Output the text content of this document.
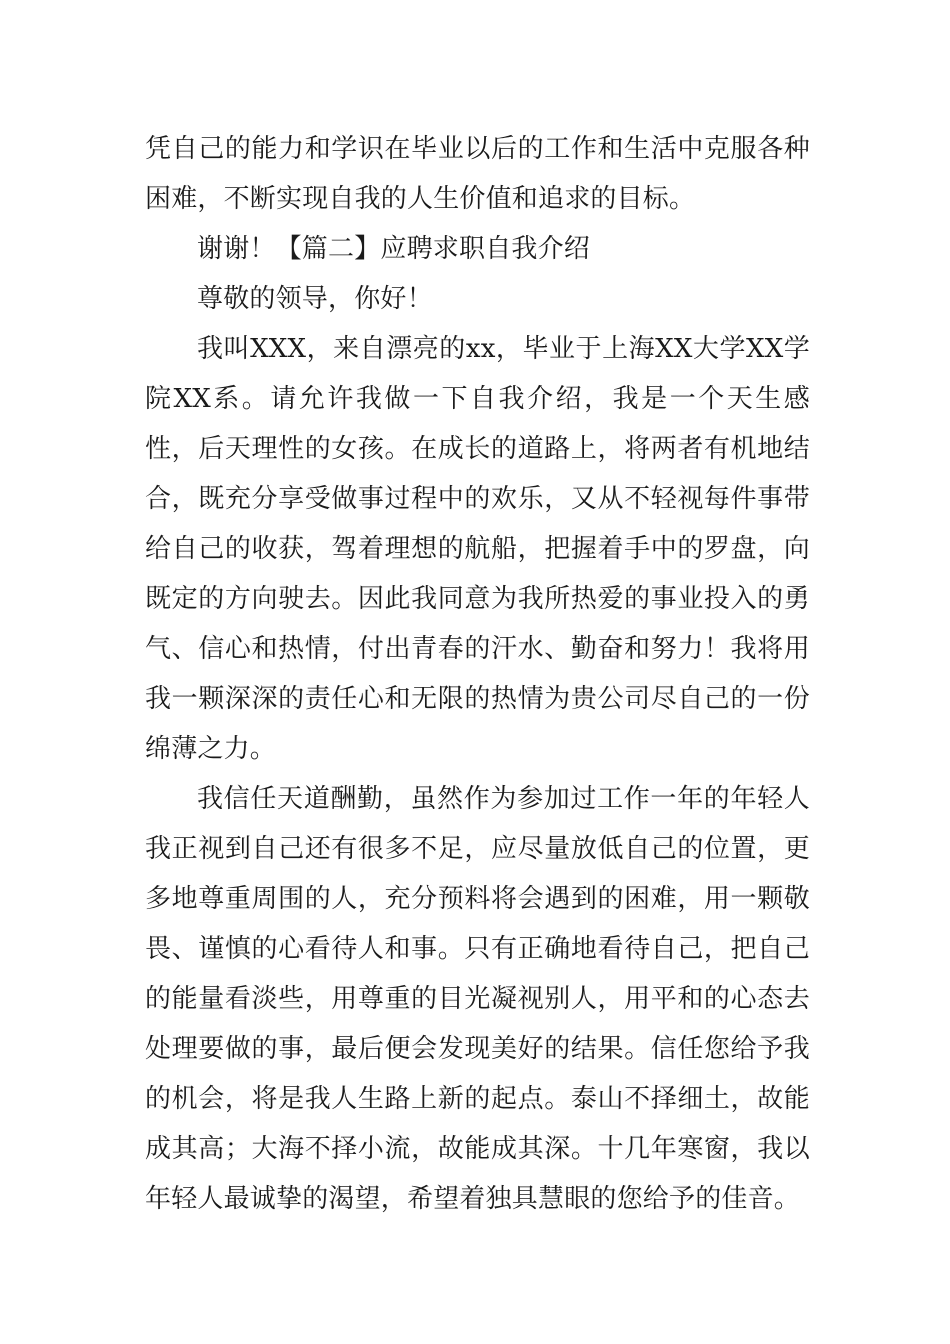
凭自己的能力和学识在毕业以后的工作和生活中克服各种困难，不断实现自我的人生价值和追求的目标。

谢谢！【篇二】应聘求职自我介绍

尊敬的领导，你好！

我叫XXX，来自漂亮的xx，毕业于上海XX大学XX学院XX系。请允许我做一下自我介绍，我是一个天生感性，后天理性的女孩。在成长的道路上，将两者有机地结合，既充分享受做事过程中的欢乐，又从不轻视每件事带给自己的收获，驾着理想的航船，把握着手中的罗盘，向既定的方向驶去。因此我同意为我所热爱的事业投入的勇气、信心和热情，付出青春的汗水、勤奋和努力！我将用我一颗深深的责任心和无限的热情为贵公司尽自己的一份绵薄之力。

我信任天道酬勤，虽然作为参加过工作一年的年轻人我正视到自己还有很多不足，应尽量放低自己的位置，更多地尊重周围的人，充分预料将会遇到的困难，用一颗敬畏、谨慎的心看待人和事。只有正确地看待自己，把自己的能量看淡些，用尊重的目光凝视别人，用平和的心态去处理要做的事，最后便会发现美好的结果。信任您给予我的机会，将是我人生路上新的起点。泰山不择细土，故能成其高；大海不择小流，故能成其深。十几年寒窗，我以年轻人最诚挚的渴望，希望着独具慧眼的您给予的佳音。
